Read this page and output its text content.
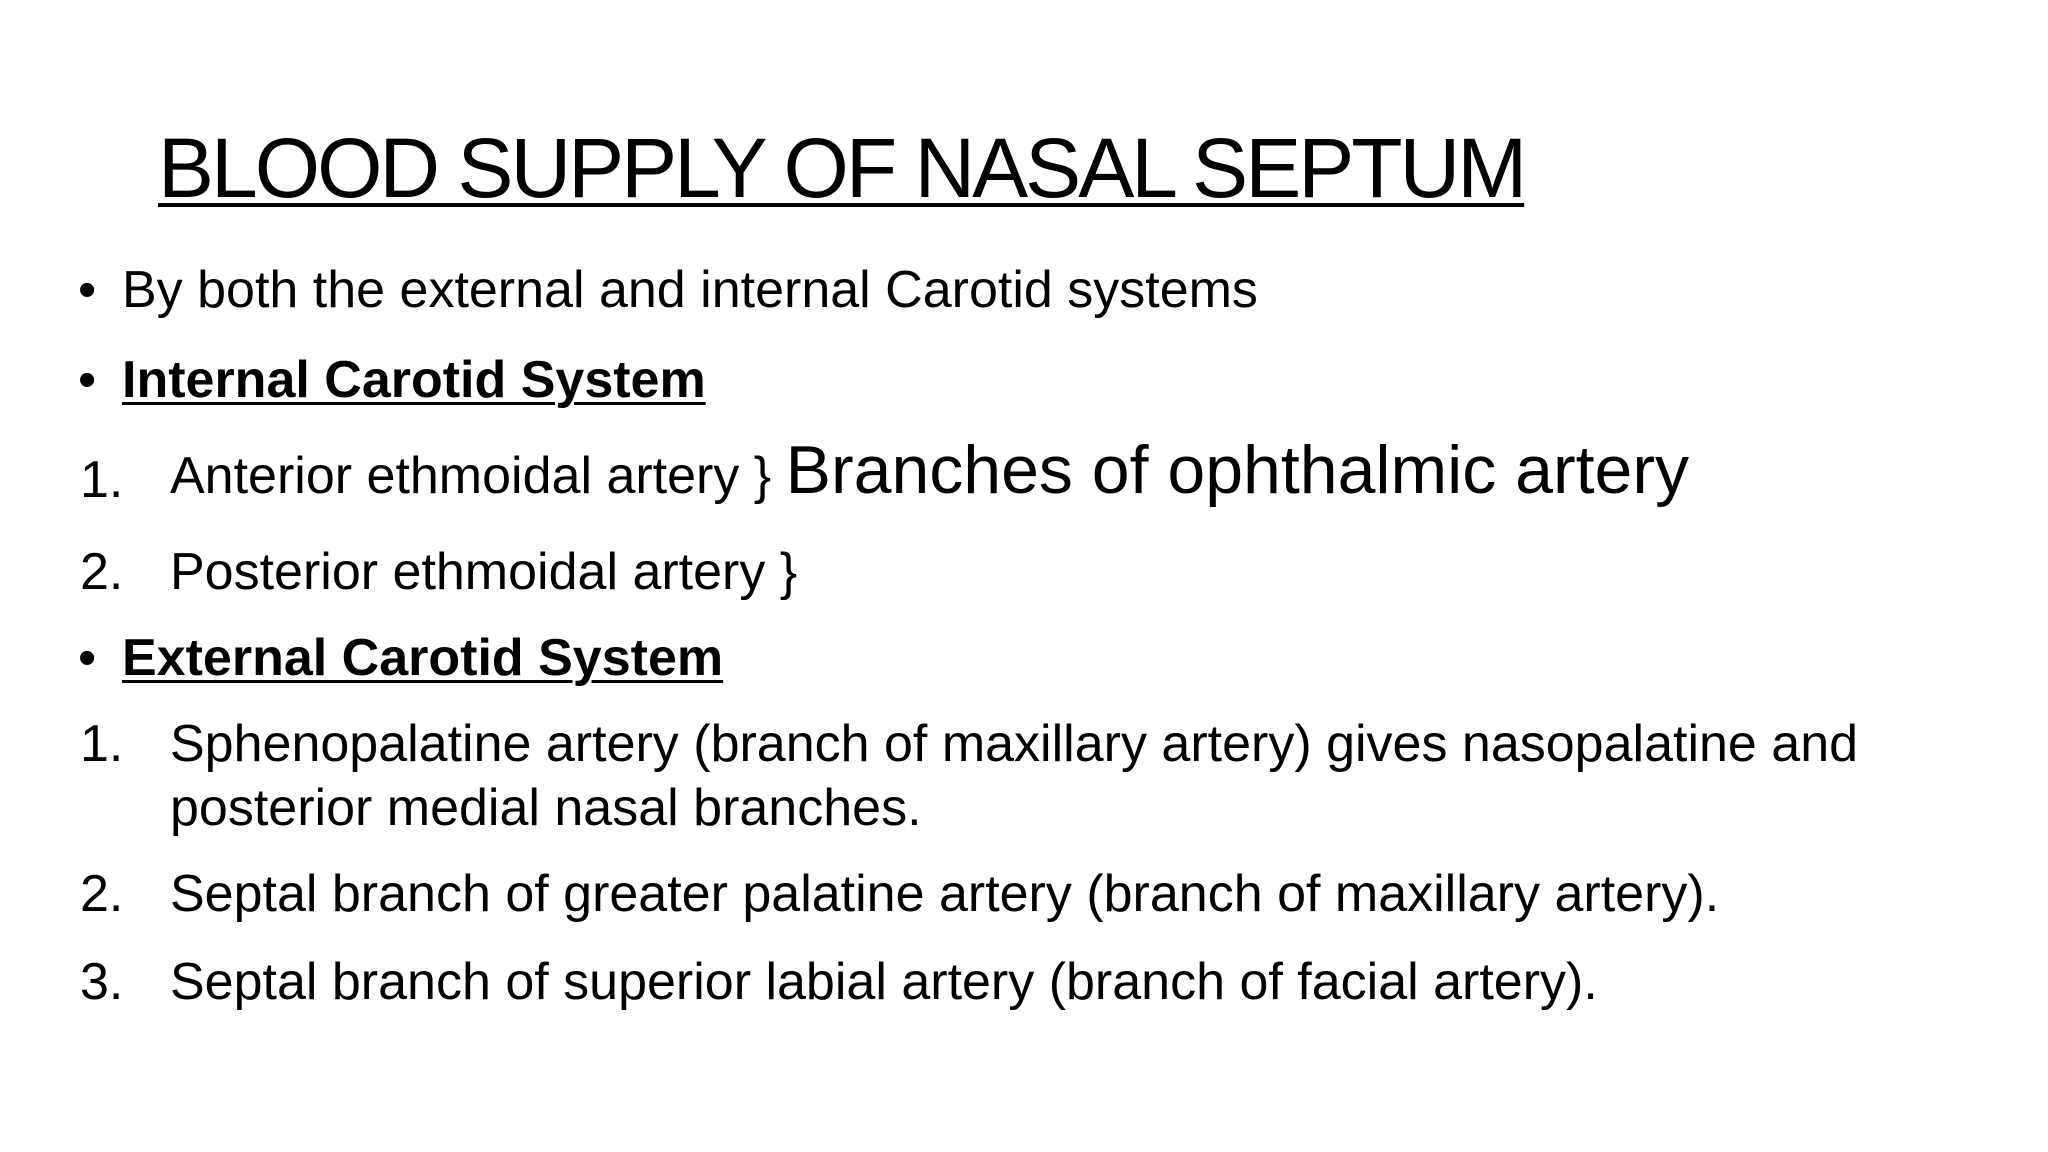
BLOOD SUPPLY OF NASAL SEPTUM
• By both the external and internal Carotid systems
• Internal Carotid System
1. Anterior ethmoidal artery } Branches of ophthalmic artery
2. Posterior ethmoidal artery }
• External Carotid System
1. Sphenopalatine artery (branch of maxillary artery) gives nasopalatine and
posterior medial nasal branches.
2. Septal branch of greater palatine artery (branch of maxillary artery).
3. Septal branch of superior labial artery (branch of facial artery).
